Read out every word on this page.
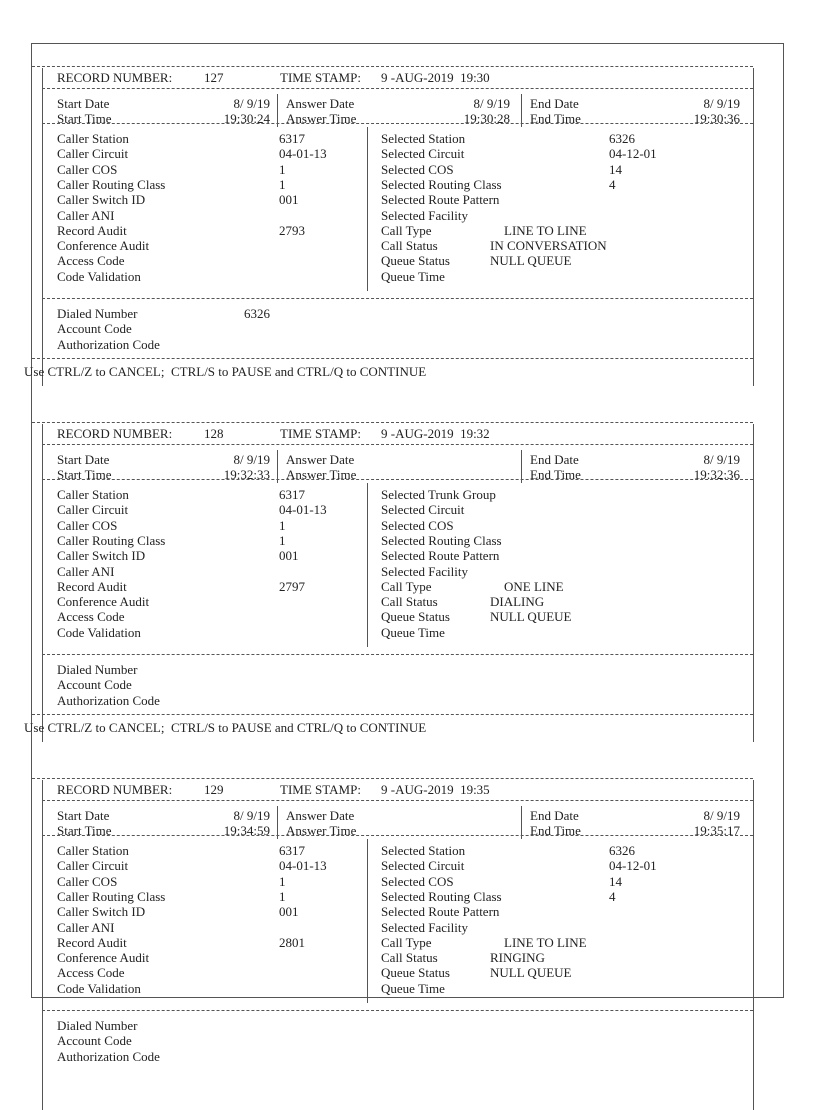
RECORD NUMBER: 127	TIME STAMP: 9 -AUG-2019  19:30
Start Date	8/ 9/19
Start Time	19:30:24
Answer Date	8/ 9/19
Answer Time	19:30:28
End Date	8/ 9/19
End Time	19:30:36
Caller Station	6317
Caller Circuit	04-01-13
Caller COS	1
Caller Routing Class	1
Caller Switch ID	001
Caller ANI
Record Audit	2793
Conference Audit
Access Code
Code Validation
Selected Station	6326
Selected Circuit	04-12-01
Selected COS	14
Selected Routing Class	4
Selected Route Pattern
Selected Facility
Call Type	LINE TO LINE
Call Status	IN CONVERSATION
Queue Status	NULL QUEUE
Queue Time
Dialed Number	6326
Account Code
Authorization Code
Use CTRL/Z to CANCEL;  CTRL/S to PAUSE and CTRL/Q to CONTINUE
RECORD NUMBER: 128	TIME STAMP: 9 -AUG-2019  19:32
Start Date	8/ 9/19
Start Time	19:32:33
Answer Date
Answer Time
End Date	8/ 9/19
End Time	19:32:36
Caller Station	6317
Caller Circuit	04-01-13
Caller COS	1
Caller Routing Class	1
Caller Switch ID	001
Caller ANI
Record Audit	2797
Conference Audit
Access Code
Code Validation
Selected Trunk Group
Selected Circuit
Selected COS
Selected Routing Class
Selected Route Pattern
Selected Facility
Call Type	ONE LINE
Call Status	DIALING
Queue Status	NULL QUEUE
Queue Time
Dialed Number
Account Code
Authorization Code
Use CTRL/Z to CANCEL;  CTRL/S to PAUSE and CTRL/Q to CONTINUE
RECORD NUMBER: 129	TIME STAMP: 9 -AUG-2019  19:35
Start Date	8/ 9/19
Start Time	19:34:59
Answer Date
Answer Time
End Date	8/ 9/19
End Time	19:35:17
Caller Station	6317
Caller Circuit	04-01-13
Caller COS	1
Caller Routing Class	1
Caller Switch ID	001
Caller ANI
Record Audit	2801
Conference Audit
Access Code
Code Validation
Selected Station	6326
Selected Circuit	04-12-01
Selected COS	14
Selected Routing Class	4
Selected Route Pattern
Selected Facility
Call Type	LINE TO LINE
Call Status	RINGING
Queue Status	NULL QUEUE
Queue Time
Dialed Number
Account Code
Authorization Code
